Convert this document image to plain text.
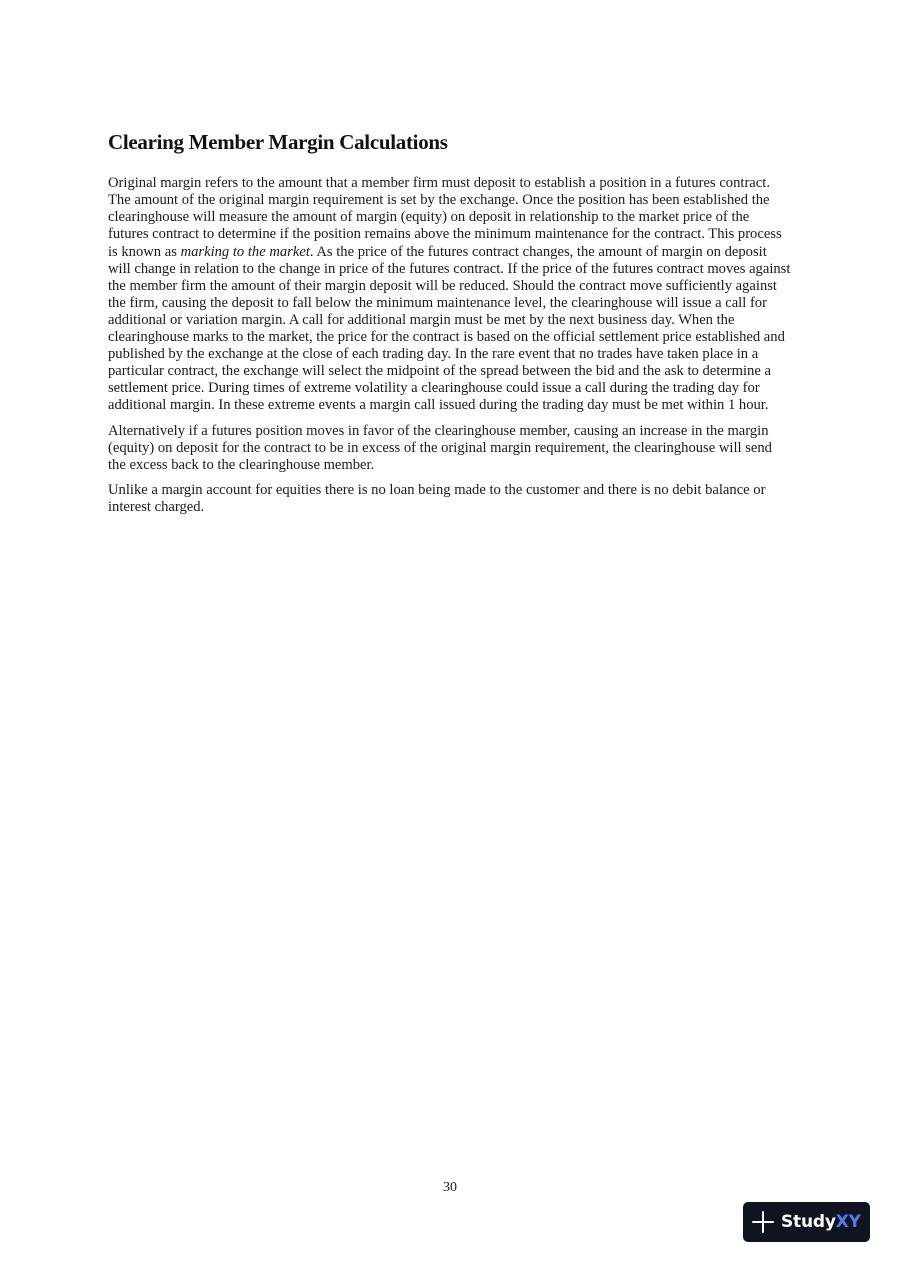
Clearing Member Margin Calculations

Original margin refers to the amount that a member firm must deposit to establish a position in a futures contract. The amount of the original margin requirement is set by the exchange. Once the position has been established the clearinghouse will measure the amount of margin (equity) on deposit in relationship to the market price of the futures contract to determine if the position remains above the minimum maintenance for the contract. This process is known as marking to the market. As the price of the futures contract changes, the amount of margin on deposit will change in relation to the change in price of the futures contract. If the price of the futures contract moves against the member firm the amount of their margin deposit will be reduced. Should the contract move sufficiently against the firm, causing the deposit to fall below the minimum maintenance level, the clearinghouse will issue a call for additional or variation margin. A call for additional margin must be met by the next business day. When the clearinghouse marks to the market, the price for the contract is based on the official settlement price established and published by the exchange at the close of each trading day. In the rare event that no trades have taken place in a particular contract, the exchange will select the midpoint of the spread between the bid and the ask to determine a settlement price. During times of extreme volatility a clearinghouse could issue a call during the trading day for additional margin. In these extreme events a margin call issued during the trading day must be met within 1 hour.

Alternatively if a futures position moves in favor of the clearinghouse member, causing an increase in the margin (equity) on deposit for the contract to be in excess of the original margin requirement, the clearinghouse will send the excess back to the clearinghouse member.

Unlike a margin account for equities there is no loan being made to the customer and there is no debit balance or interest charged.

30
StudyXY
